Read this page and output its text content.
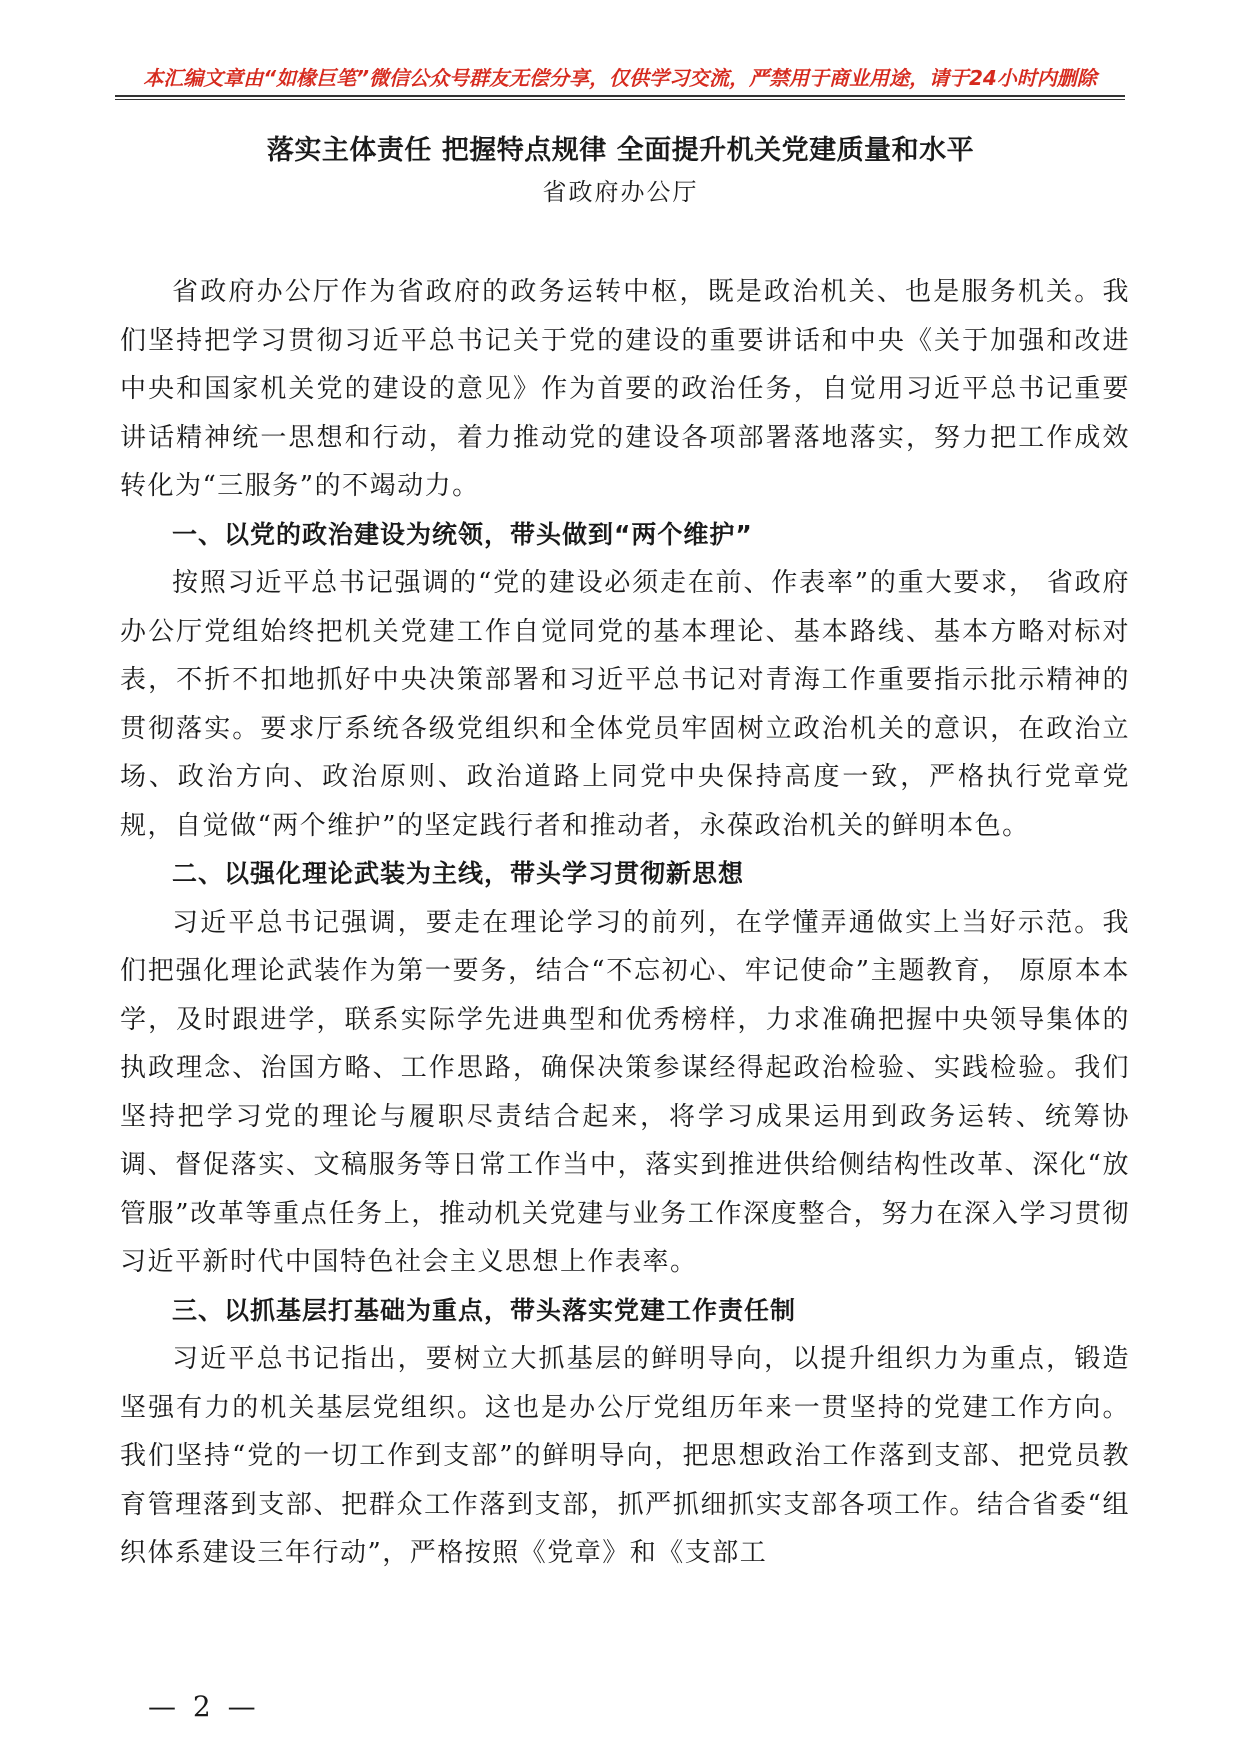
本汇编文章由“如椽巨笔”微信公众号群友无偿分享，仅供学习交流，严禁用于商业用途，请于24小时内删除
落实主体责任 把握特点规律 全面提升机关党建质量和水平
省政府办公厅

省政府办公厅作为省政府的政务运转中枢，既是政治机关、也是服务机关。我们坚持把学习贯彻习近平总书记关于党的建设的重要讲话和中央《关于加强和改进中央和国家机关党的建设的意见》作为首要的政治任务，自觉用习近平总书记重要讲话精神统一思想和行动，着力推动党的建设各项部署落地落实，努力把工作成效转化为“三服务”的不竭动力。

一、以党的政治建设为统领，带头做到“两个维护”

按照习近平总书记强调的“党的建设必须走在前、作表率”的重大要求， 省政府办公厅党组始终把机关党建工作自觉同党的基本理论、基本路线、基本方略对标对表，不折不扣地抓好中央决策部署和习近平总书记对青海工作重要指示批示精神的贯彻落实。要求厅系统各级党组织和全体党员牢固树立政治机关的意识，在政治立场、政治方向、政治原则、政治道路上同党中央保持高度一致，严格执行党章党规，自觉做“两个维护”的坚定践行者和推动者，永葆政治机关的鲜明本色。

二、以强化理论武装为主线，带头学习贯彻新思想

习近平总书记强调，要走在理论学习的前列，在学懂弄通做实上当好示范。我们把强化理论武装作为第一要务，结合“不忘初心、牢记使命”主题教育， 原原本本学，及时跟进学，联系实际学先进典型和优秀榜样，力求准确把握中央领导集体的执政理念、治国方略、工作思路，确保决策参谋经得起政治检验、实践检验。我们坚持把学习党的理论与履职尽责结合起来，将学习成果运用到政务运转、统筹协调、督促落实、文稿服务等日常工作当中，落实到推进供给侧结构性改革、深化“放管服”改革等重点任务上，推动机关党建与业务工作深度整合，努力在深入学习贯彻习近平新时代中国特色社会主义思想上作表率。

三、以抓基层打基础为重点，带头落实党建工作责任制

习近平总书记指出，要树立大抓基层的鲜明导向，以提升组织力为重点，锻造坚强有力的机关基层党组织。这也是办公厅党组历年来一贯坚持的党建工作方向。我们坚持“党的一切工作到支部”的鲜明导向，把思想政治工作落到支部、把党员教育管理落到支部、把群众工作落到支部，抓严抓细抓实支部各项工作。结合省委“组织体系建设三年行动”，严格按照《党章》和《支部工

— 2 —
